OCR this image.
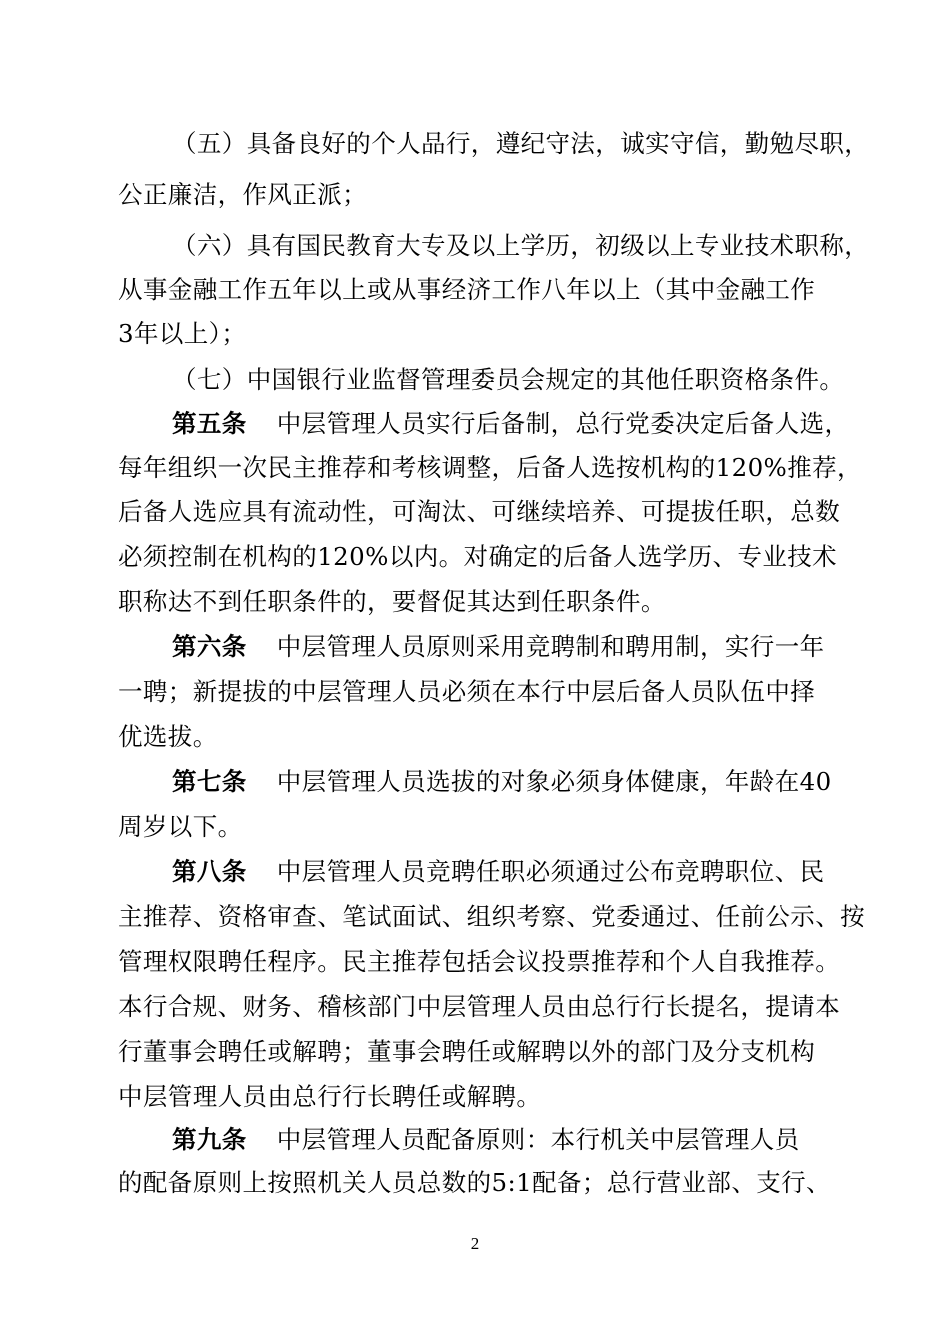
（五）具备良好的个人品行，遵纪守法，诚实守信，勤勉尽职，
公正廉洁，作风正派；
（六）具有国民教育大专及以上学历，初级以上专业技术职称，
从事金融工作五年以上或从事经济工作八年以上（其中金融工作
3年以上）；
（七）中国银行业监督管理委员会规定的其他任职资格条件。
第五条 中层管理人员实行后备制，总行党委决定后备人选，
每年组织一次民主推荐和考核调整，后备人选按机构的120%推荐，
后备人选应具有流动性，可淘汰、可继续培养、可提拔任职，总数
必须控制在机构的120%以内。对确定的后备人选学历、专业技术
职称达不到任职条件的，要督促其达到任职条件。
第六条 中层管理人员原则采用竞聘制和聘用制，实行一年
一聘；新提拔的中层管理人员必须在本行中层后备人员队伍中择
优选拔。
第七条 中层管理人员选拔的对象必须身体健康，年龄在40
周岁以下。
第八条 中层管理人员竞聘任职必须通过公布竞聘职位、民
主推荐、资格审查、笔试面试、组织考察、党委通过、任前公示、按
管理权限聘任程序。民主推荐包括会议投票推荐和个人自我推荐。
本行合规、财务、稽核部门中层管理人员由总行行长提名，提请本
行董事会聘任或解聘；董事会聘任或解聘以外的部门及分支机构
中层管理人员由总行行长聘任或解聘。
第九条 中层管理人员配备原则：本行机关中层管理人员
的配备原则上按照机关人员总数的5:1配备；总行营业部、支行、
2
